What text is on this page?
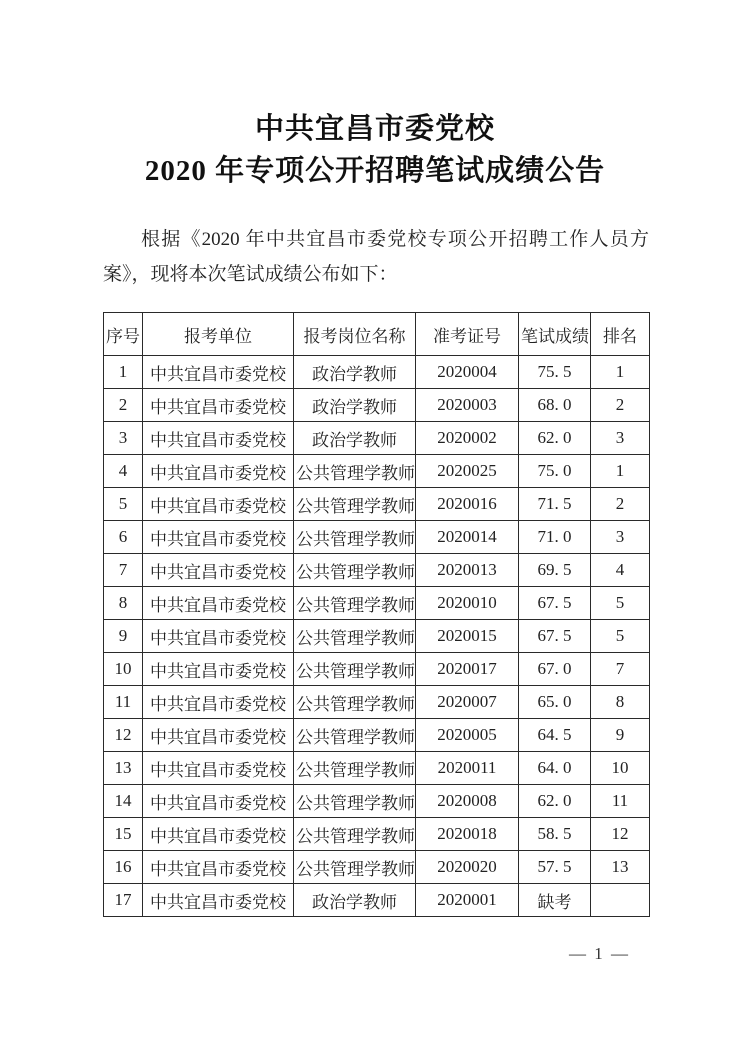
中共宜昌市委党校
2020 年专项公开招聘笔试成绩公告

根据《2020 年中共宜昌市委党校专项公开招聘工作人员方案》，现将本次笔试成绩公布如下：

序号	报考单位	报考岗位名称	准考证号	笔试成绩	排名
1	中共宜昌市委党校	政治学教师	2020004	75. 5	1
2	中共宜昌市委党校	政治学教师	2020003	68. 0	2
3	中共宜昌市委党校	政治学教师	2020002	62. 0	3
4	中共宜昌市委党校	公共管理学教师	2020025	75. 0	1
5	中共宜昌市委党校	公共管理学教师	2020016	71. 5	2
6	中共宜昌市委党校	公共管理学教师	2020014	71. 0	3
7	中共宜昌市委党校	公共管理学教师	2020013	69. 5	4
8	中共宜昌市委党校	公共管理学教师	2020010	67. 5	5
9	中共宜昌市委党校	公共管理学教师	2020015	67. 5	5
10	中共宜昌市委党校	公共管理学教师	2020017	67. 0	7
11	中共宜昌市委党校	公共管理学教师	2020007	65. 0	8
12	中共宜昌市委党校	公共管理学教师	2020005	64. 5	9
13	中共宜昌市委党校	公共管理学教师	2020011	64. 0	10
14	中共宜昌市委党校	公共管理学教师	2020008	62. 0	11
15	中共宜昌市委党校	公共管理学教师	2020018	58. 5	12
16	中共宜昌市委党校	公共管理学教师	2020020	57. 5	13
17	中共宜昌市委党校	政治学教师	2020001	缺考	
— 1 —
